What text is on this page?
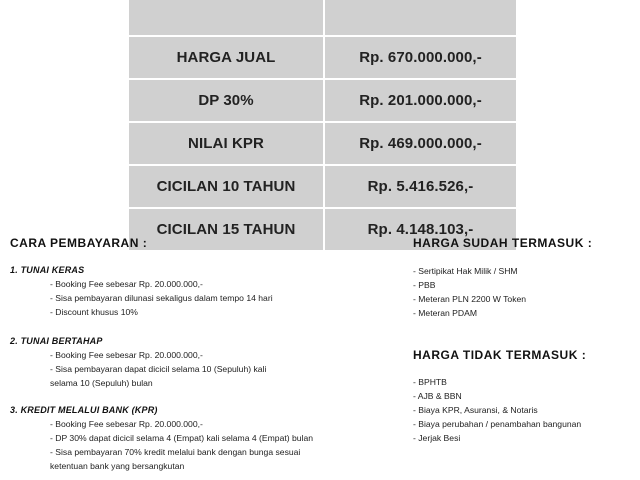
HARGA JUAL	Rp. 670.000.000,-
DP 30%	Rp. 201.000.000,-
NILAI KPR	Rp. 469.000.000,-
CICILAN 10 TAHUN	Rp. 5.416.526,-
CICILAN 15 TAHUN	Rp. 4.148.103,-
CARA PEMBAYARAN :
1. TUNAI KERAS
- Booking Fee sebesar Rp. 20.000.000,-
- Sisa pembayaran dilunasi sekaligus dalam tempo 14 hari
- Discount khusus 10%
2. TUNAI BERTAHAP
- Booking Fee sebesar Rp. 20.000.000,-
- Sisa pembayaran dapat dicicil selama 10 (Sepuluh) kali
selama 10 (Sepuluh) bulan
3. KREDIT MELALUI BANK (KPR)
- Booking Fee sebesar Rp. 20.000.000,-
- DP 30% dapat dicicil selama 4 (Empat) kali selama 4 (Empat) bulan
- Sisa pembayaran 70% kredit melalui bank dengan bunga sesuai
ketentuan bank yang bersangkutan
HARGA SUDAH TERMASUK :
- Sertipikat Hak Milik / SHM
- PBB
- Meteran PLN 2200 W Token
- Meteran PDAM
HARGA TIDAK TERMASUK :
- BPHTB
- AJB & BBN
- Biaya KPR, Asuransi, & Notaris
- Biaya perubahan / penambahan bangunan
- Jerjak Besi
